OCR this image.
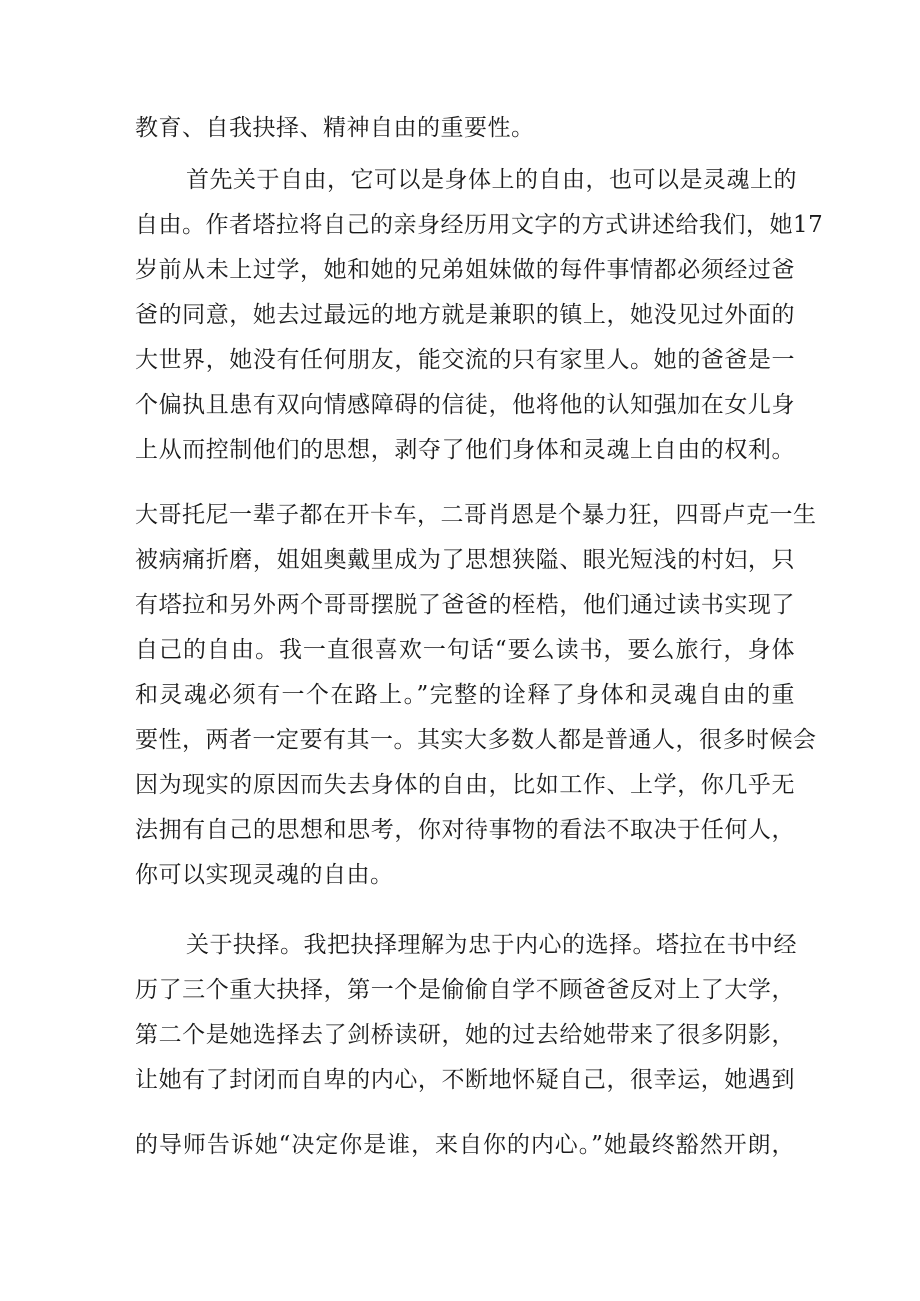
教育、自我抉择、精神自由的重要性。
首先关于自由，它可以是身体上的自由，也可以是灵魂上的
自由。作者塔拉将自己的亲身经历用文字的方式讲述给我们，她17
岁前从未上过学，她和她的兄弟姐妹做的每件事情都必须经过爸
爸的同意，她去过最远的地方就是兼职的镇上，她没见过外面的
大世界，她没有任何朋友，能交流的只有家里人。她的爸爸是一
个偏执且患有双向情感障碍的信徒，他将他的认知强加在女儿身
上从而控制他们的思想，剥夺了他们身体和灵魂上自由的权利。
大哥托尼一辈子都在开卡车，二哥肖恩是个暴力狂，四哥卢克一生
被病痛折磨，姐姐奥戴里成为了思想狭隘、眼光短浅的村妇，只
有塔拉和另外两个哥哥摆脱了爸爸的桎梏，他们通过读书实现了
自己的自由。我一直很喜欢一句话“要么读书，要么旅行，身体
和灵魂必须有一个在路上。”完整的诠释了身体和灵魂自由的重
要性，两者一定要有其一。其实大多数人都是普通人，很多时候会
因为现实的原因而失去身体的自由，比如工作、上学，你几乎无
法拥有自己的思想和思考，你对待事物的看法不取决于任何人，
你可以实现灵魂的自由。
关于抉择。我把抉择理解为忠于内心的选择。塔拉在书中经
历了三个重大抉择，第一个是偷偷自学不顾爸爸反对上了大学，
第二个是她选择去了剑桥读研，她的过去给她带来了很多阴影，
让她有了封闭而自卑的内心，不断地怀疑自己，很幸运，她遇到
的导师告诉她“决定你是谁，来自你的内心。”她最终豁然开朗，
